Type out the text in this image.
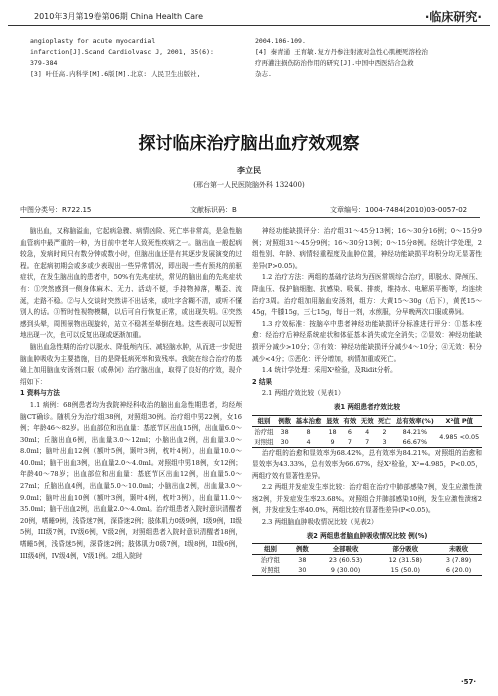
2010年3月第19卷第06期 China Health Care	·临床研究·
angioplasty for acute myocardial
infarction[J].Scand Cardiolvasc J, 2001, 35(6):
379-384
[3] 叶任高.内科学[M].6版[M].北京: 人民卫生出版社,
2004.106-109.
[4] 秦青通 王育敏.复方丹参注射液对急性心肌梗死溶栓治
疗再灌注损伤防治作用的研究[J].中国中西医结合急救
杂志.
探讨临床治疗脑出血疗效观察
李立民
(邢台第一人民医院脑外科 132400)
中图分类号：R722.15	文献标识码：B	文章编号：1004-7484(2010)03-0057-02

脑出血，又称脑溢血，它起病急骤、病情凶险、死亡率非常高，是急性脑血管病中最严重的一种，为目前中老年人致死性疾病之一。脑出血一般起病较急，发病时间只有数分钟或数小时，但脑出血还是有其逐步发展演变的过程。在起病初期会或多或少表现出一些异常情况，即出现一些有预兆的前驱症状，在发生脑出血的患者中，50%有先兆症状，常见的脑出血的先兆症状有：①突然感到一侧身体麻木、无力、活动不便，手持物掉落，嘴歪、流涎，走路不稳。②与人交谈时突然讲不出话来，或吐字含糊不清，或听不懂别人的话。③暂时性视物模糊，以后可自行恢复正常，或出现失明。④突然感到头晕，周围景物出现旋转，站立不稳甚至晕倒在地。这些表现可以短暂地出现一次，也可以反复出现或逐渐加重。

脑出血急性期的治疗以脱水、降低颅内压、减轻脑水肿，从而进一步促进脑血肿吸收为主要措施，目的是降低病死率和致残率。我院在综合治疗的基础上加用脑血安汤剂口服（或鼻饲）治疗脑出血，取得了良好的疗效，现介绍如下：

1 资料与方法

1.1 病例：68例患者均为我院神经科收治的脑出血急性期患者，均经颅脑CT确诊。随机分为治疗组38例，对照组30例。治疗组中男22例，女16例；年龄46～82岁。出血部位和出血量：基底节区出血15例，出血量6.0～30ml；丘脑出血6例，出血量3.0～12ml；小脑出血2例，出血量3.0～8.0ml；脑叶出血12例（额叶5例，颞叶3例，枕叶4例），出血量10.0～40.0ml；脑干出血3例，出血量2.0～4.0ml。对照组中男18例，女12例；年龄40～78岁；出血部位和出血量：基底节区出血12例，出血量5.0～27ml；丘脑出血4例，出血量5.0～10.0ml；小脑出血2例，出血量3.0～9.0ml；脑叶出血10例（额叶3例，颞叶4例，枕叶3例），出血量11.0～35.0ml；脑干出血2例，出血量2.0～4.0ml。治疗组患者入院时意识清醒者20例，嗜睡9例，浅昏迷7例，深昏迷2例；肢体肌力0级9例，I级9例，II级5例，III级7例，IV级6例，V级2例，对照组患者入院时意识清醒者18例，嗜睡5例，浅昏迷5例，深昏迷2例；肢体肌力0级7例，I级8例，II级6例，III级4例，IV级4例，V级1例。2组入院时

神经功能缺损评分：治疗组31～45分13例；16～30分16例；0～15分9例；对照组31～45分9例；16～30分13例；0～15分8例。经统计学处理，2组性别、年龄、病情轻重程度及血肿位置，神经功能缺损平均积分均无显著性差异(P>0.05)。

1.2 治疗方法：两组的基础疗法均为西医常规综合治疗，即脱水、降颅压、降血压、保护脑细胞、抗感染、吸氧、排痰，维持水、电解质平衡等，均连续治疗3周。治疗组加用脑血安汤剂，组方：大黄15～30g（后下），黄芪15～45g，牛膝15g，三七15g，每日一剂，水煎服，分早晚两次口服或鼻饲。

1.3 疗效标准：按脑卒中患者神经功能缺损评分标准进行评分：①基本痊愈：经治疗后神经系统症状和体征基本消失或完全消失；②显效：神经功能缺损评分减少>10分；③有效：神经功能缺损评分减少4～10分；④无效：积分减少<4分；⑤恶化：评分增加，病情加重或死亡。

1.4 统计学处理：采用X²检验，及Ridit分析。

2 结果

2.1 两组疗效比较（见表1）

表1 两组患者疗效比较
组别	例数	基本治愈	显效	有效	无效	死亡	总有效率(%)	X²值 P值
治疗组	38	8	18	6	4	2	84.21%	4.985 <0.05
对照组	30	4	9	7	7	3	66.67%	

治疗组的治愈和显效率为68.42%，总有效率为84.21%。对照组的治愈和显效率为43.33%，总有效率为66.67%，经X²检验，X²=4.985，P<0.05，两组疗效有显著性差异。

2.2 两组并发症发生率比较：治疗组在治疗中肺部感染7例，发生应激性溃疡2例，并发症发生率23.68%。对照组合并肺部感染10例，发生应激性溃疡2例，并发症发生率40.0%，两组比较有显著性差异(P<0.05)。

2.3 两组脑血肿吸收情况比较（见表2）

表2 两组患者脑血肿吸收情况比较 例(%)
组别	例数	全部吸收	部分吸收	未吸收
治疗组	38	23 (60.53)	12 (31.58)	3 (7.89)
对照组	30	9 (30.00)	15 (50.0)	6 (20.0)
·57·
